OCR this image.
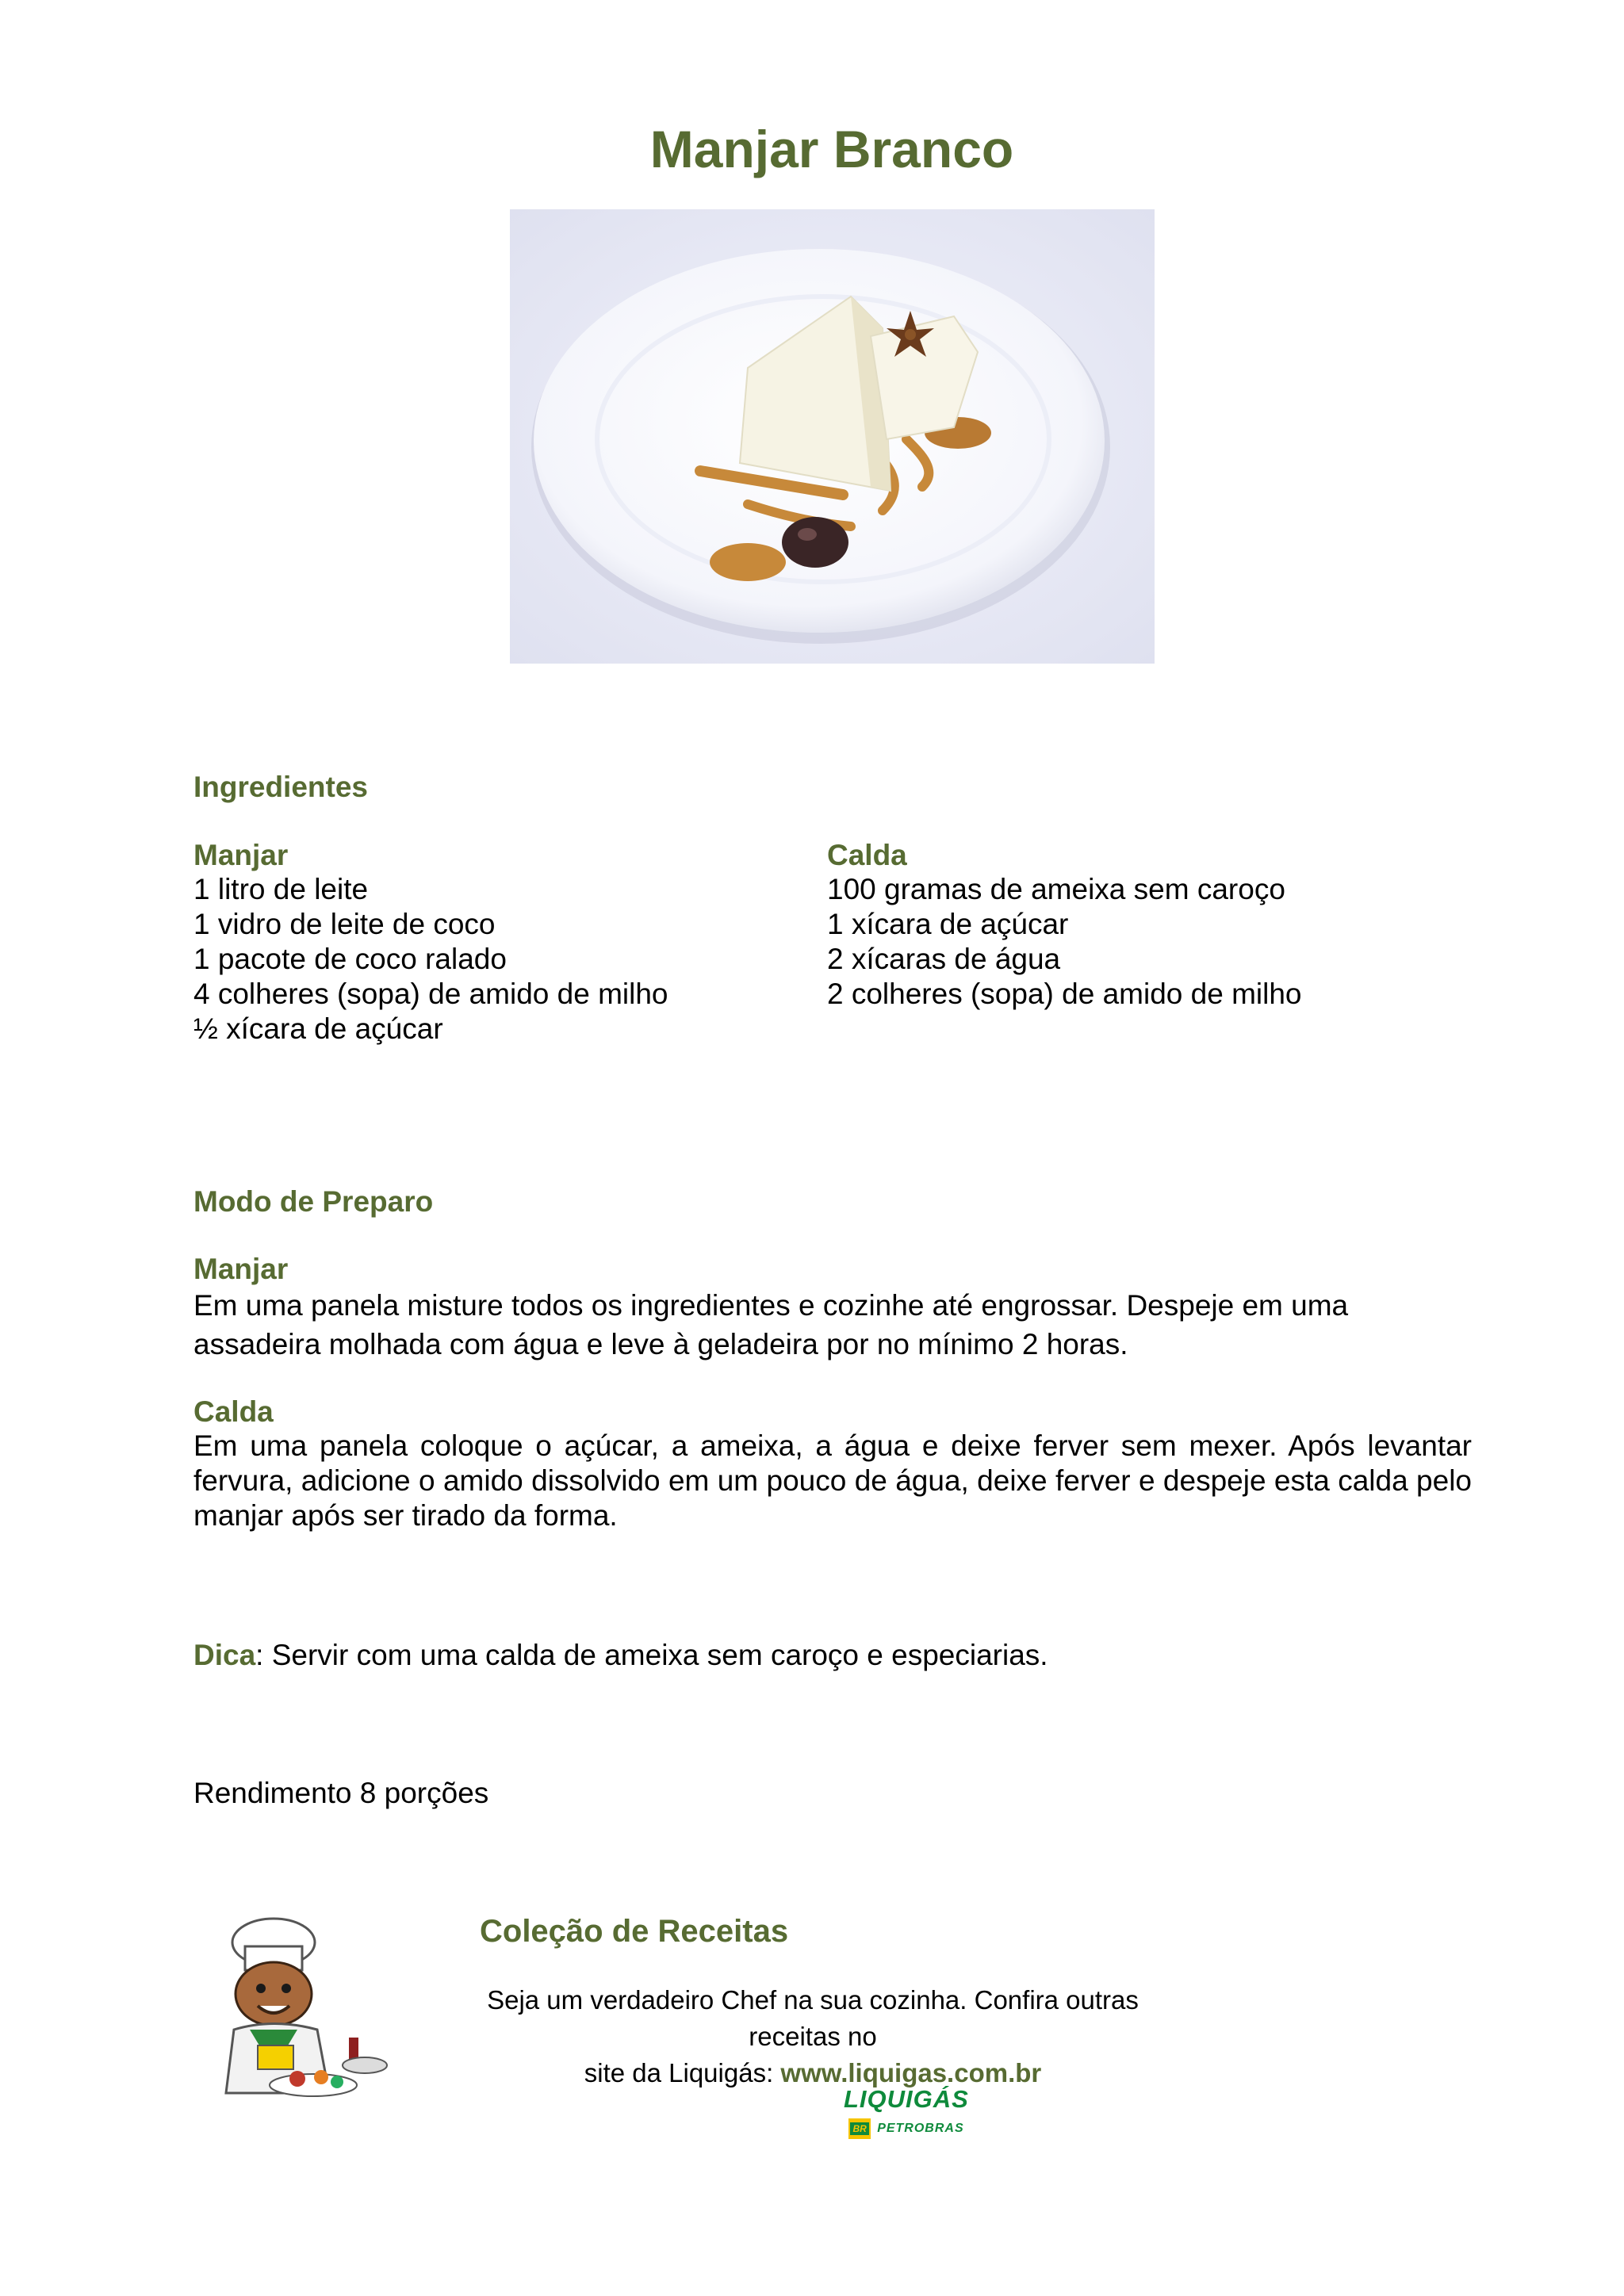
Manjar Branco
Ingredientes
Manjar
1 litro de leite
1 vidro de leite de coco
1 pacote de coco ralado
4 colheres (sopa) de amido de milho
½ xícara de açúcar
Calda
100 gramas de ameixa sem caroço
1 xícara de açúcar
2 xícaras de água
2 colheres (sopa) de amido de milho
Modo de Preparo
Manjar

Em uma panela misture todos os ingredientes e cozinhe até engrossar. Despeje em uma assadeira molhada com água e leve à geladeira por no mínimo 2 horas.

Calda

Em uma panela coloque o açúcar, a ameixa, a água e deixe ferver sem mexer. Após levantar fervura, adicione o amido dissolvido em um pouco de água, deixe ferver e despeje esta calda pelo manjar após ser tirado da forma.

Dica: Servir com uma calda de ameixa sem caroço e especiarias.
Rendimento 8 porções
Coleção de Receitas
Seja um verdadeiro Chef na sua cozinha. Confira outras receitas no
site da Liquigás: www.liquigas.com.br
LIQUIGÁS
BR PETROBRAS
